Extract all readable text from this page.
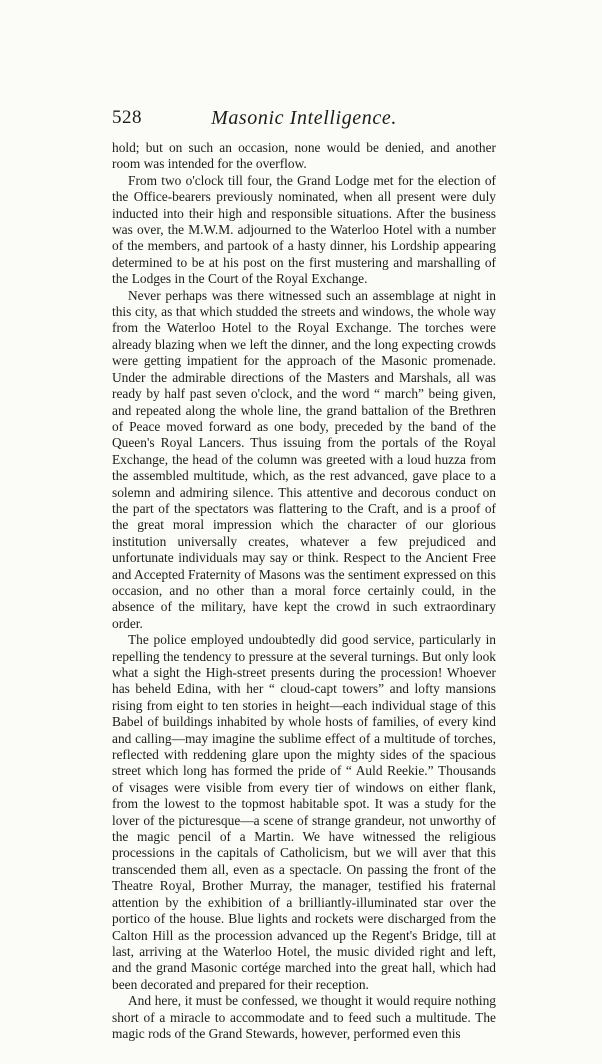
528	Masonic Intelligence.

hold; but on such an occasion, none would be denied, and another room was intended for the overflow.

From two o'clock till four, the Grand Lodge met for the election of the Office-bearers previously nominated, when all present were duly inducted into their high and responsible situations. After the business was over, the M.W.M. adjourned to the Waterloo Hotel with a number of the members, and partook of a hasty dinner, his Lordship appearing determined to be at his post on the first mustering and marshalling of the Lodges in the Court of the Royal Exchange.

Never perhaps was there witnessed such an assemblage at night in this city, as that which studded the streets and windows, the whole way from the Waterloo Hotel to the Royal Exchange. The torches were already blazing when we left the dinner, and the long expecting crowds were getting impatient for the approach of the Masonic promenade. Under the admirable directions of the Masters and Marshals, all was ready by half past seven o'clock, and the word “ march” being given, and repeated along the whole line, the grand battalion of the Brethren of Peace moved forward as one body, preceded by the band of the Queen's Royal Lancers. Thus issuing from the portals of the Royal Exchange, the head of the column was greeted with a loud huzza from the assembled multitude, which, as the rest advanced, gave place to a solemn and admiring silence. This attentive and decorous conduct on the part of the spectators was flattering to the Craft, and is a proof of the great moral impression which the character of our glorious institution universally creates, whatever a few prejudiced and unfortunate individuals may say or think. Respect to the Ancient Free and Accepted Fraternity of Masons was the sentiment expressed on this occasion, and no other than a moral force certainly could, in the absence of the military, have kept the crowd in such extraordinary order.

The police employed undoubtedly did good service, particularly in repelling the tendency to pressure at the several turnings. But only look what a sight the High-street presents during the procession! Whoever has beheld Edina, with her “ cloud-capt towers” and lofty mansions rising from eight to ten stories in height—each individual stage of this Babel of buildings inhabited by whole hosts of families, of every kind and calling—may imagine the sublime effect of a multitude of torches, reflected with reddening glare upon the mighty sides of the spacious street which long has formed the pride of “ Auld Reekie.” Thousands of visages were visible from every tier of windows on either flank, from the lowest to the topmost habitable spot. It was a study for the lover of the picturesque—a scene of strange grandeur, not unworthy of the magic pencil of a Martin. We have witnessed the religious processions in the capitals of Catholicism, but we will aver that this transcended them all, even as a spectacle. On passing the front of the Theatre Royal, Brother Murray, the manager, testified his fraternal attention by the exhibition of a brilliantly-illuminated star over the portico of the house. Blue lights and rockets were discharged from the Calton Hill as the procession advanced up the Regent's Bridge, till at last, arriving at the Waterloo Hotel, the music divided right and left, and the grand Masonic cortége marched into the great hall, which had been decorated and prepared for their reception.

And here, it must be confessed, we thought it would require nothing short of a miracle to accommodate and to feed such a multitude. The magic rods of the Grand Stewards, however, performed even this
